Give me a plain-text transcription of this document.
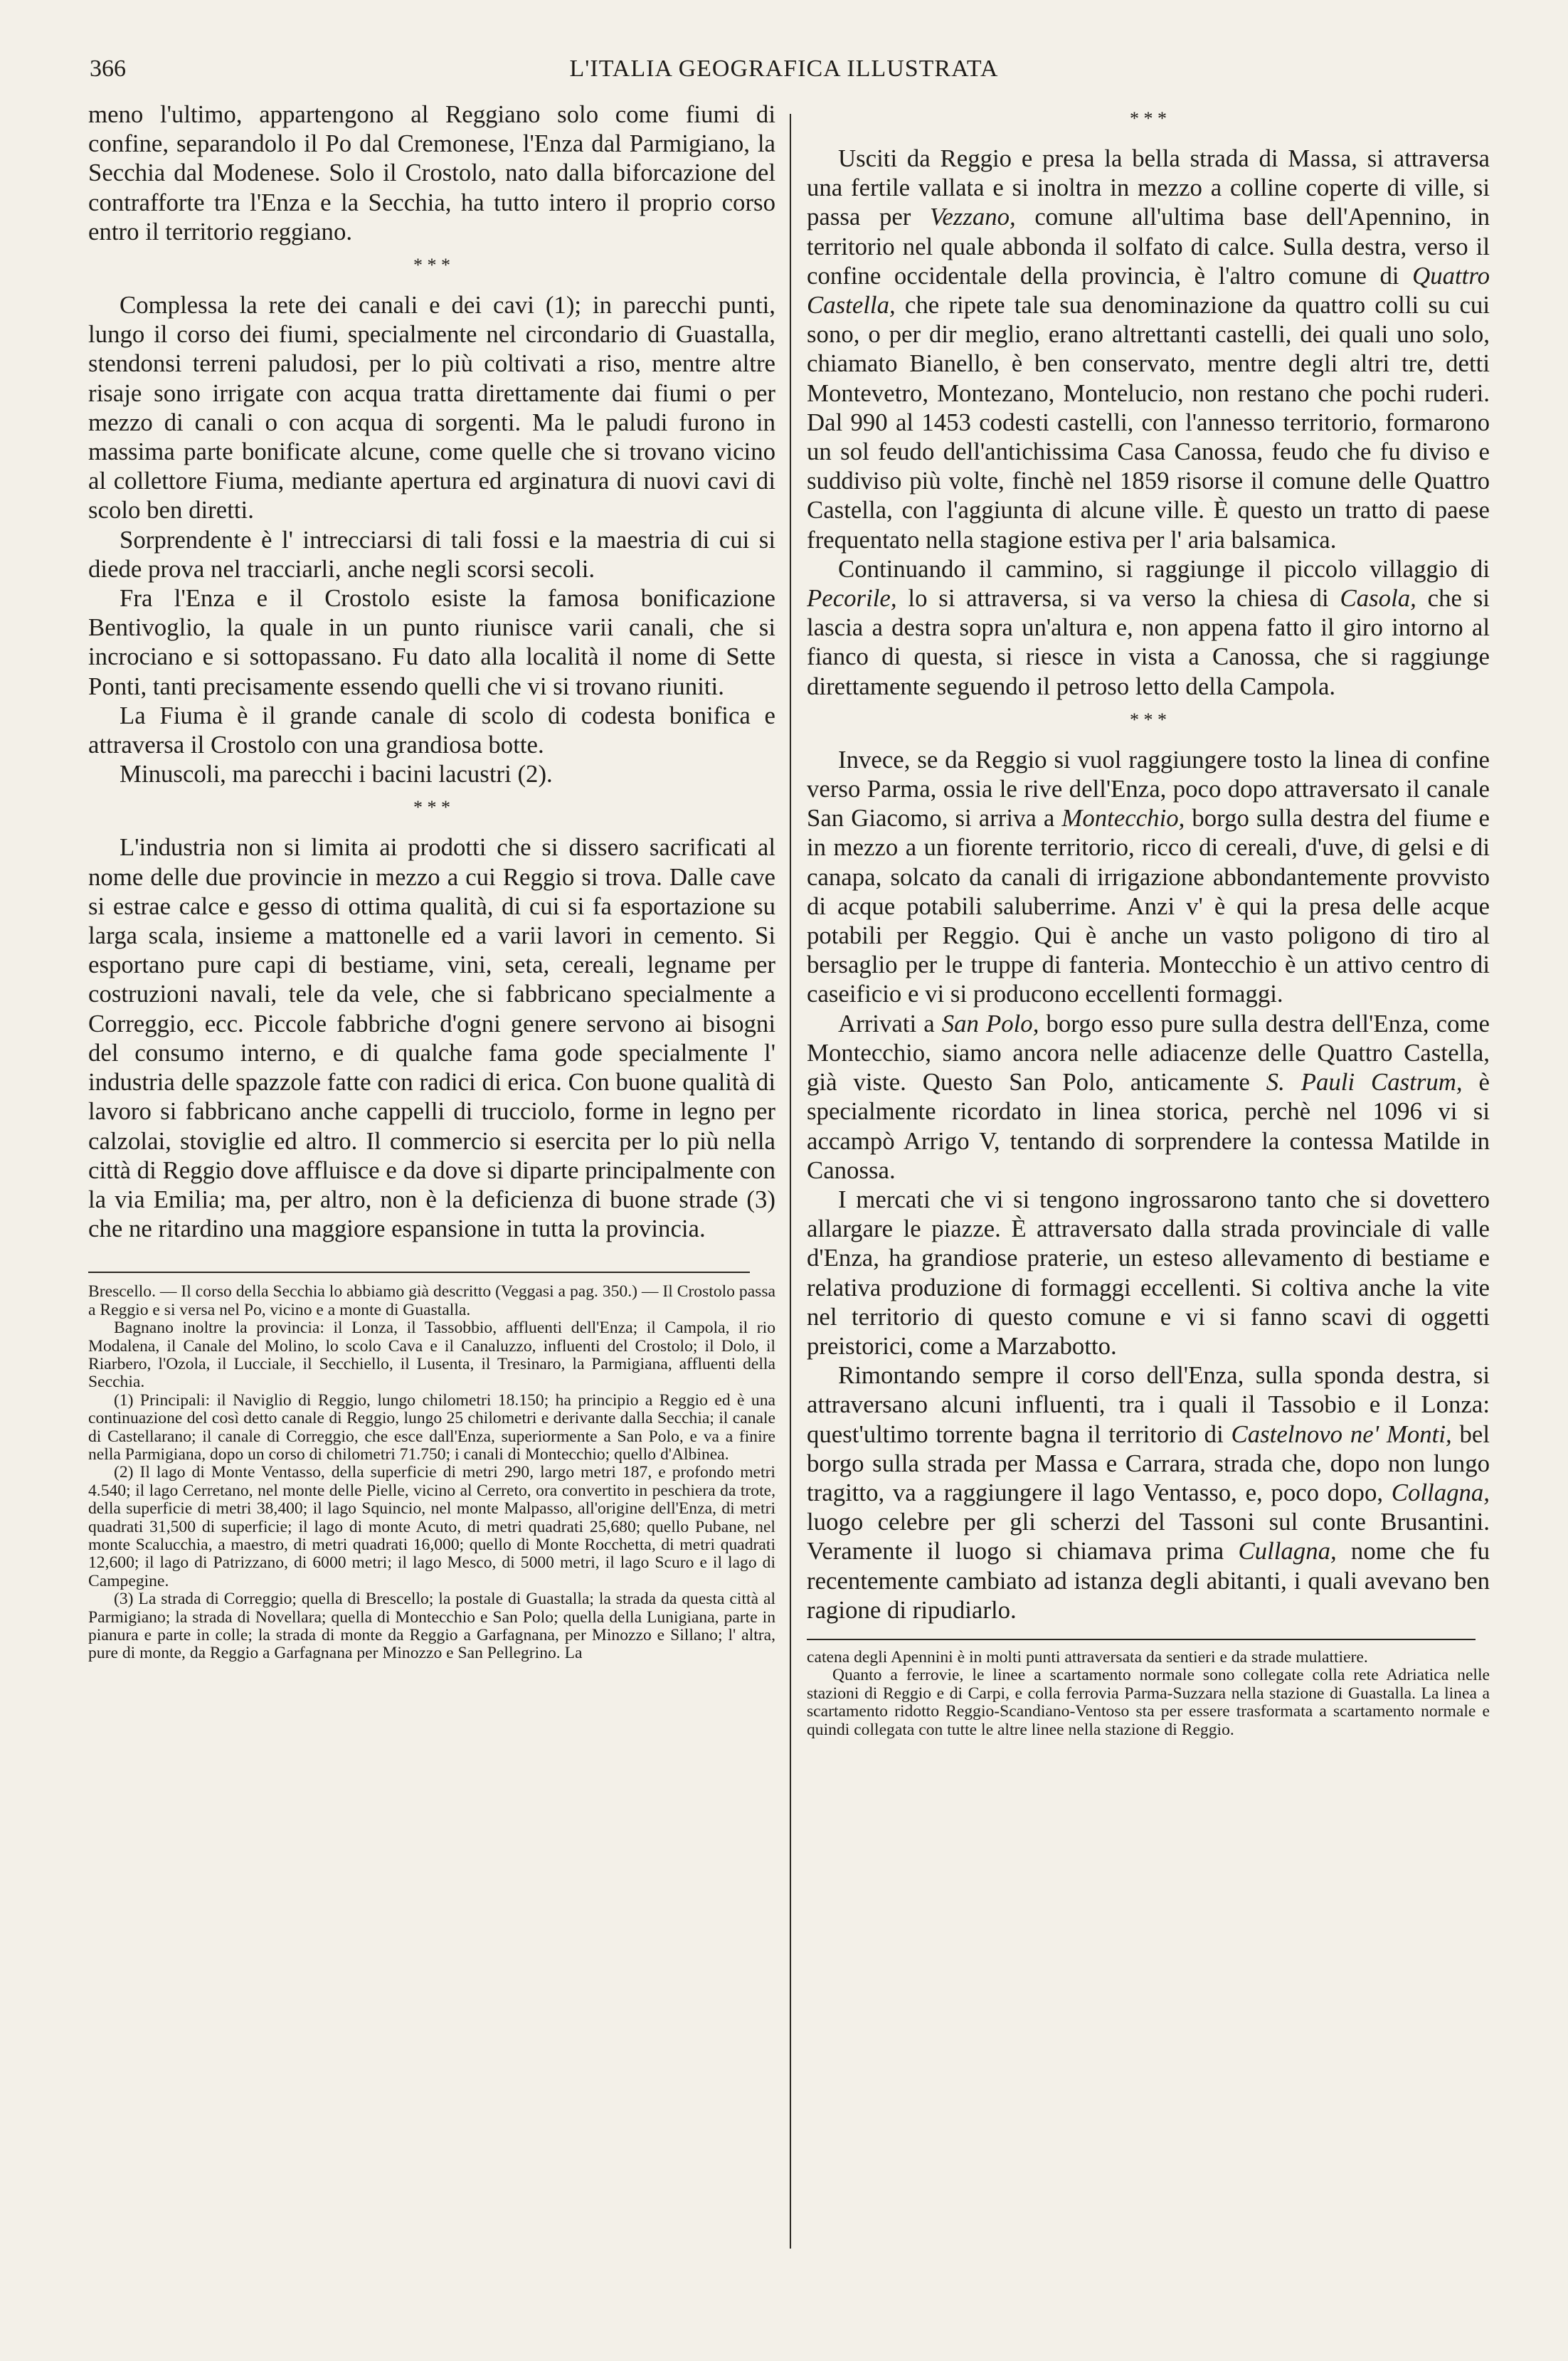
366	L'ITALIA GEOGRAFICA ILLUSTRATA

meno l'ultimo, appartengono al Reggiano solo come fiumi di confine, separandolo il Po dal Cremonese, l'Enza dal Parmigiano, la Secchia dal Modenese. Solo il Crostolo, nato dalla biforcazione del contrafforte tra l'Enza e la Secchia, ha tutto intero il proprio corso entro il territorio reggiano.

* * *

Complessa la rete dei canali e dei cavi (1); in parecchi punti, lungo il corso dei fiumi, specialmente nel circondario di Guastalla, stendonsi terreni paludosi, per lo più coltivati a riso, mentre altre risaje sono irrigate con acqua tratta direttamente dai fiumi o per mezzo di canali o con acqua di sorgenti. Ma le paludi furono in massima parte bonificate alcune, come quelle che si trovano vicino al collettore Fiuma, mediante apertura ed arginatura di nuovi cavi di scolo ben diretti.

Sorprendente è l' intrecciarsi di tali fossi e la maestria di cui si diede prova nel tracciarli, anche negli scorsi secoli.

Fra l'Enza e il Crostolo esiste la famosa bonificazione Bentivoglio, la quale in un punto riunisce varii canali, che si incrociano e si sottopassano. Fu dato alla località il nome di Sette Ponti, tanti precisamente essendo quelli che vi si trovano riuniti.

La Fiuma è il grande canale di scolo di codesta bonifica e attraversa il Crostolo con una grandiosa botte.

Minuscoli, ma parecchi i bacini lacustri (2).

* * *

L'industria non si limita ai prodotti che si dissero sacrificati al nome delle due provincie in mezzo a cui Reggio si trova. Dalle cave si estrae calce e gesso di ottima qualità, di cui si fa esportazione su larga scala, insieme a mattonelle ed a varii lavori in cemento. Si esportano pure capi di bestiame, vini, seta, cereali, legname per costruzioni navali, tele da vele, che si fabbricano specialmente a Correggio, ecc. Piccole fabbriche d'ogni genere servono ai bisogni del consumo interno, e di qualche fama gode specialmente l' industria delle spazzole fatte con radici di erica. Con buone qualità di lavoro si fabbricano anche cappelli di trucciolo, forme in legno per calzolai, stoviglie ed altro. Il commercio si esercita per lo più nella città di Reggio dove affluisce e da dove si diparte principalmente con la via Emilia; ma, per altro, non è la deficienza di buone strade (3) che ne ritardino una maggiore espansione in tutta la provincia.

Brescello. — Il corso della Secchia lo abbiamo già descritto (Veggasi a pag. 350.) — Il Crostolo passa a Reggio e si versa nel Po, vicino e a monte di Guastalla.

Bagnano inoltre la provincia: il Lonza, il Tassobbio, affluenti dell'Enza; il Campola, il rio Modalena, il Canale del Molino, lo scolo Cava e il Canaluzzo, influenti del Crostolo; il Dolo, il Riarbero, l'Ozola, il Lucciale, il Secchiello, il Lusenta, il Tresinaro, la Parmigiana, affluenti della Secchia.

(1) Principali: il Naviglio di Reggio, lungo chilometri 18.150; ha principio a Reggio ed è una continuazione del così detto canale di Reggio, lungo 25 chilometri e derivante dalla Secchia; il canale di Castellarano; il canale di Correggio, che esce dall'Enza, superiormente a San Polo, e va a finire nella Parmigiana, dopo un corso di chilometri 71.750; i canali di Montecchio; quello d'Albinea.

(2) Il lago di Monte Ventasso, della superficie di metri 290, largo metri 187, e profondo metri 4.540; il lago Cerretano, nel monte delle Pielle, vicino al Cerreto, ora convertito in peschiera da trote, della superficie di metri 38,400; il lago Squincio, nel monte Malpasso, all'origine dell'Enza, di metri quadrati 31,500 di superficie; il lago di monte Acuto, di metri quadrati 25,680; quello Pubane, nel monte Scalucchia, a maestro, di metri quadrati 16,000; quello di Monte Rocchetta, di metri quadrati 12,600; il lago di Patrizzano, di 6000 metri; il lago Mesco, di 5000 metri, il lago Scuro e il lago di Campegine.

(3) La strada di Correggio; quella di Brescello; la postale di Guastalla; la strada da questa città al Parmigiano; la strada di Novellara; quella di Montecchio e San Polo; quella della Lunigiana, parte in pianura e parte in colle; la strada di monte da Reggio a Garfagnana, per Minozzo e Sillano; l' altra, pure di monte, da Reggio a Garfagnana per Minozzo e San Pellegrino. La

* * *

Usciti da Reggio e presa la bella strada di Massa, si attraversa una fertile vallata e si inoltra in mezzo a colline coperte di ville, si passa per Vezzano, comune all'ultima base dell'Apennino, in territorio nel quale abbonda il solfato di calce. Sulla destra, verso il confine occidentale della provincia, è l'altro comune di Quattro Castella, che ripete tale sua denominazione da quattro colli su cui sono, o per dir meglio, erano altrettanti castelli, dei quali uno solo, chiamato Bianello, è ben conservato, mentre degli altri tre, detti Montevetro, Montezano, Montelucio, non restano che pochi ruderi. Dal 990 al 1453 codesti castelli, con l'annesso territorio, formarono un sol feudo dell'antichissima Casa Canossa, feudo che fu diviso e suddiviso più volte, finchè nel 1859 risorse il comune delle Quattro Castella, con l'aggiunta di alcune ville. È questo un tratto di paese frequentato nella stagione estiva per l' aria balsamica.

Continuando il cammino, si raggiunge il piccolo villaggio di Pecorile, lo si attraversa, si va verso la chiesa di Casola, che si lascia a destra sopra un'altura e, non appena fatto il giro intorno al fianco di questa, si riesce in vista a Canossa, che si raggiunge direttamente seguendo il petroso letto della Campola.

* * *

Invece, se da Reggio si vuol raggiungere tosto la linea di confine verso Parma, ossia le rive dell'Enza, poco dopo attraversato il canale San Giacomo, si arriva a Montecchio, borgo sulla destra del fiume e in mezzo a un fiorente territorio, ricco di cereali, d'uve, di gelsi e di canapa, solcato da canali di irrigazione abbondantemente provvisto di acque potabili saluberrime. Anzi v' è qui la presa delle acque potabili per Reggio. Qui è anche un vasto poligono di tiro al bersaglio per le truppe di fanteria. Montecchio è un attivo centro di caseificio e vi si producono eccellenti formaggi.

Arrivati a San Polo, borgo esso pure sulla destra dell'Enza, come Montecchio, siamo ancora nelle adiacenze delle Quattro Castella, già viste. Questo San Polo, anticamente S. Pauli Castrum, è specialmente ricordato in linea storica, perchè nel 1096 vi si accampò Arrigo V, tentando di sorprendere la contessa Matilde in Canossa.

I mercati che vi si tengono ingrossarono tanto che si dovettero allargare le piazze. È attraversato dalla strada provinciale di valle d'Enza, ha grandiose praterie, un esteso allevamento di bestiame e relativa produzione di formaggi eccellenti. Si coltiva anche la vite nel territorio di questo comune e vi si fanno scavi di oggetti preistorici, come a Marzabotto.

Rimontando sempre il corso dell'Enza, sulla sponda destra, si attraversano alcuni influenti, tra i quali il Tassobio e il Lonza: quest'ultimo torrente bagna il territorio di Castelnovo ne' Monti, bel borgo sulla strada per Massa e Carrara, strada che, dopo non lungo tragitto, va a raggiungere il lago Ventasso, e, poco dopo, Collagna, luogo celebre per gli scherzi del Tassoni sul conte Brusantini. Veramente il luogo si chiamava prima Cullagna, nome che fu recentemente cambiato ad istanza degli abitanti, i quali avevano ben ragione di ripudiarlo.

catena degli Apennini è in molti punti attraversata da sentieri e da strade mulattiere.

Quanto a ferrovie, le linee a scartamento normale sono collegate colla rete Adriatica nelle stazioni di Reggio e di Carpi, e colla ferrovia Parma-Suzzara nella stazione di Guastalla. La linea a scartamento ridotto Reggio-Scandiano-Ventoso sta per essere trasformata a scartamento normale e quindi collegata con tutte le altre linee nella stazione di Reggio.
